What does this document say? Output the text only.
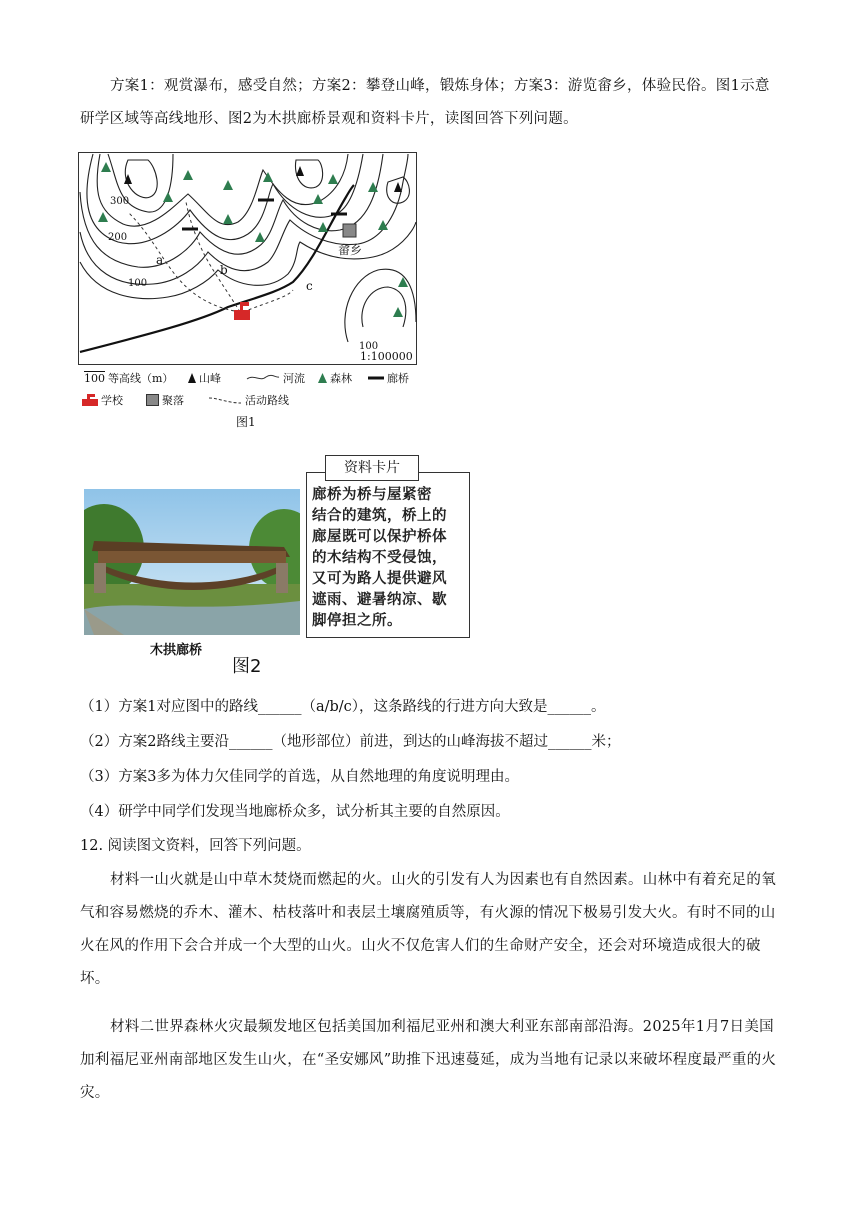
方案1：观赏瀑布，感受自然；方案2：攀登山峰，锻炼身体；方案3：游览畲乡，体验民俗。图1示意研学区域等高线地形、图2为木拱廊桥景观和资料卡片，读图回答下列问题。

300
200
100
100
a
b
c
畲乡
1:100000
100 等高线（m） 山峰	河流 森林	廊桥
学校	聚落	活动路线
图1
木拱廊桥
图2
资料卡片
廊桥为桥与屋紧密
结合的建筑，桥上的
廊屋既可以保护桥体
的木结构不受侵蚀，
又可为路人提供避风
遮雨、避暑纳凉、歇
脚停担之所。
（1）方案1对应图中的路线______（a/b/c），这条路线的行进方向大致是______。
（2）方案2路线主要沿______（地形部位）前进，到达的山峰海拔不超过______米；
（3）方案3多为体力欠佳同学的首选，从自然地理的角度说明理由。
（4）研学中同学们发现当地廊桥众多，试分析其主要的自然原因。
12. 阅读图文资料，回答下列问题。

材料一山火就是山中草木焚烧而燃起的火。山火的引发有人为因素也有自然因素。山林中有着充足的氧气和容易燃烧的乔木、灌木、枯枝落叶和表层土壤腐殖质等，有火源的情况下极易引发大火。有时不同的山火在风的作用下会合并成一个大型的山火。山火不仅危害人们的生命财产安全，还会对环境造成很大的破坏。

材料二世界森林火灾最频发地区包括美国加利福尼亚州和澳大利亚东部南部沿海。2025年1月7日美国加利福尼亚州南部地区发生山火，在“圣安娜风”助推下迅速蔓延，成为当地有记录以来破坏程度最严重的火灾。
